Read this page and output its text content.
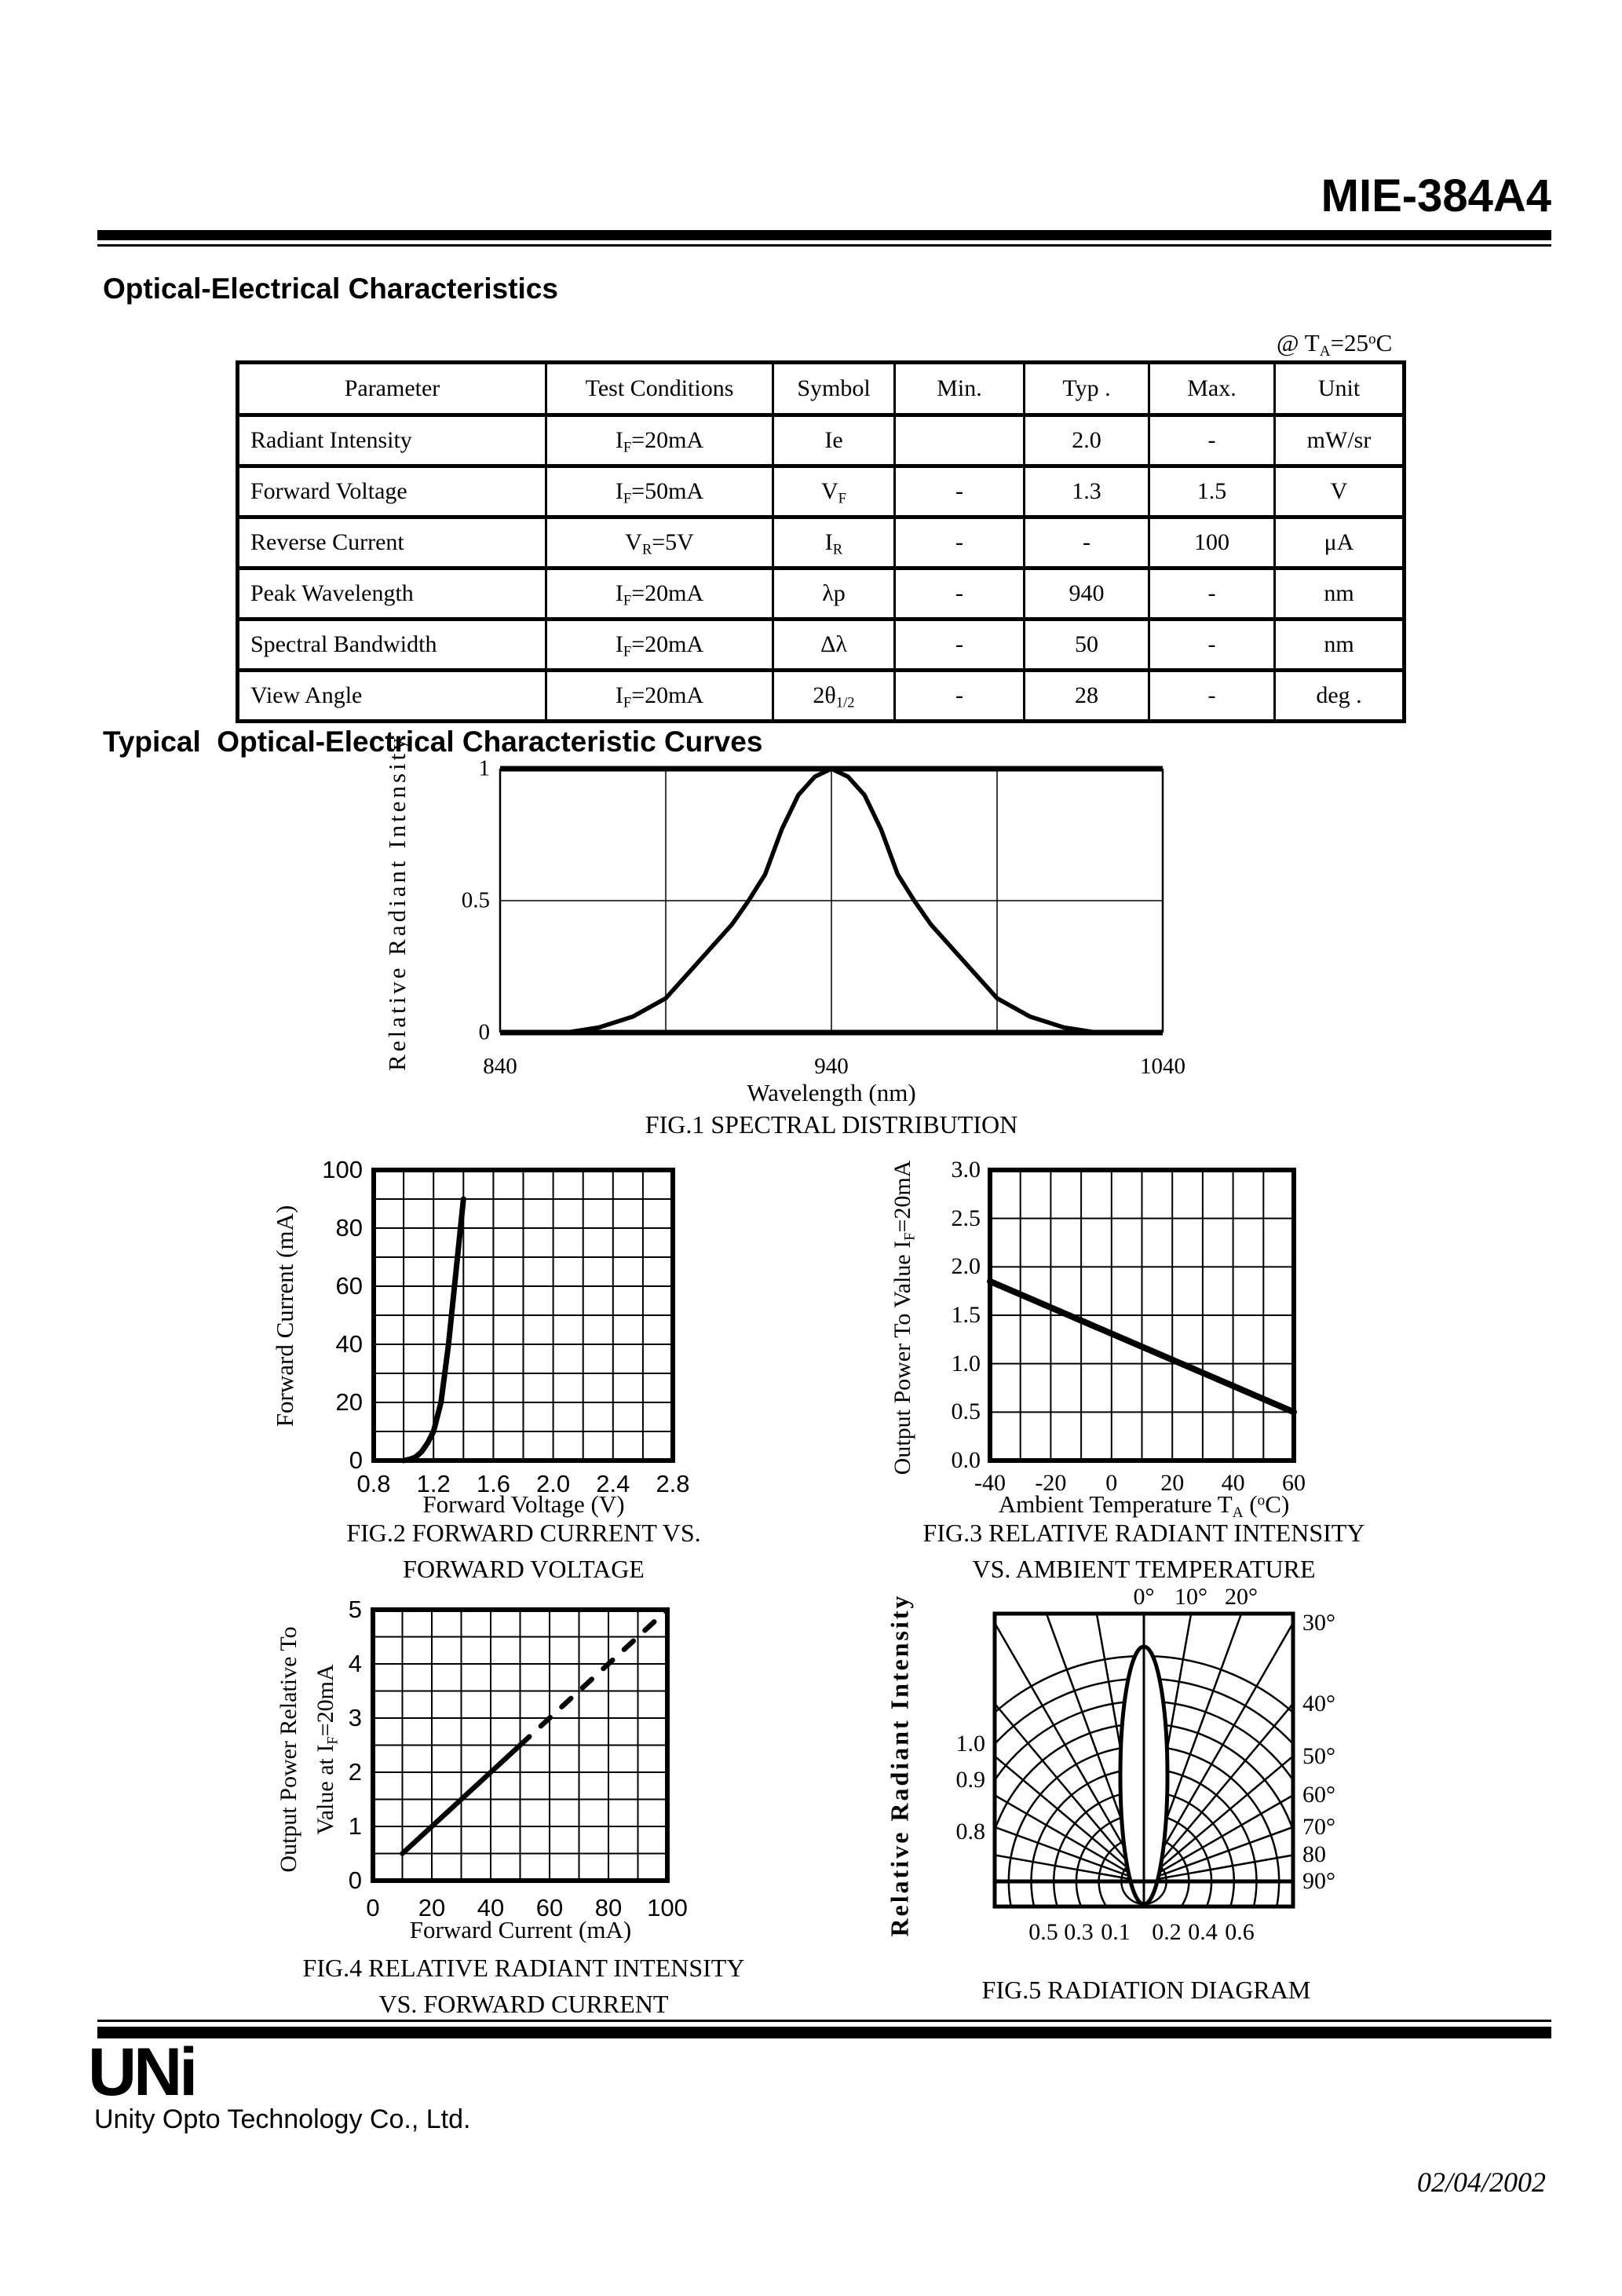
MIE-384A4
Optical-Electrical Characteristics
@ $T_A=25^oC$
Parameter	Test Conditions	Symbol	Min.	Typ .	Max.	Unit
Radiant Intensity	$I_F=20mA$	Ie		2.0	-	mW/sr
Forward Voltage	$I_F=50mA$	$V_F$	-	1.3	1.5	V
Reverse Current	$V_R=5V$	$I_R$	-	-	100	μA
Peak Wavelength	$I_F=20mA$	λp	-	940	-	nm
Spectral Bandwidth	$I_F=20mA$	Δλ	-	50	-	nm
View Angle	$I_F=20mA$	$2\theta_{1/2}$	-	28	-	deg .
Typical  Optical-Electrical Characteristic Curves
Relative Radiant Intensity
Wavelength (nm)
FIG.1 SPECTRAL DISTRIBUTION
Forward Current (mA)
Forward Voltage (V)
FIG.2 FORWARD CURRENT VS.
FORWARD VOLTAGE
Output Power To Value $I_F=20mA$
Ambient Temperature $T_A$ ($^o$C)
FIG.3 RELATIVE RADIANT INTENSITY
VS. AMBIENT TEMPERATURE
Output Power Relative To Value at $I_F=20mA$
Forward Current (mA)
FIG.4 RELATIVE RADIANT INTENSITY
VS. FORWARD CURRENT
Relative Radiant Intensity
FIG.5 RADIATION DIAGRAM
UNi
Unity Opto Technology Co., Ltd.
02/04/2002
840	940	1040
1
0.5
0
0.8 1.2 1.6 2.0 2.4 2.8
0
20
40
60
80
100
-40 -20 0 20 40 60
0.0
0.5
1.0
1.5
2.0
2.5
3.0
0 20 40 60 80 100
0
1
2
3
4
5	0° 10° 20°
30°
40°
50°
60°
70°
80
90°
1.0
0.9
0.8
0.5 0.3 0.1 0.2 0.4 0.6
